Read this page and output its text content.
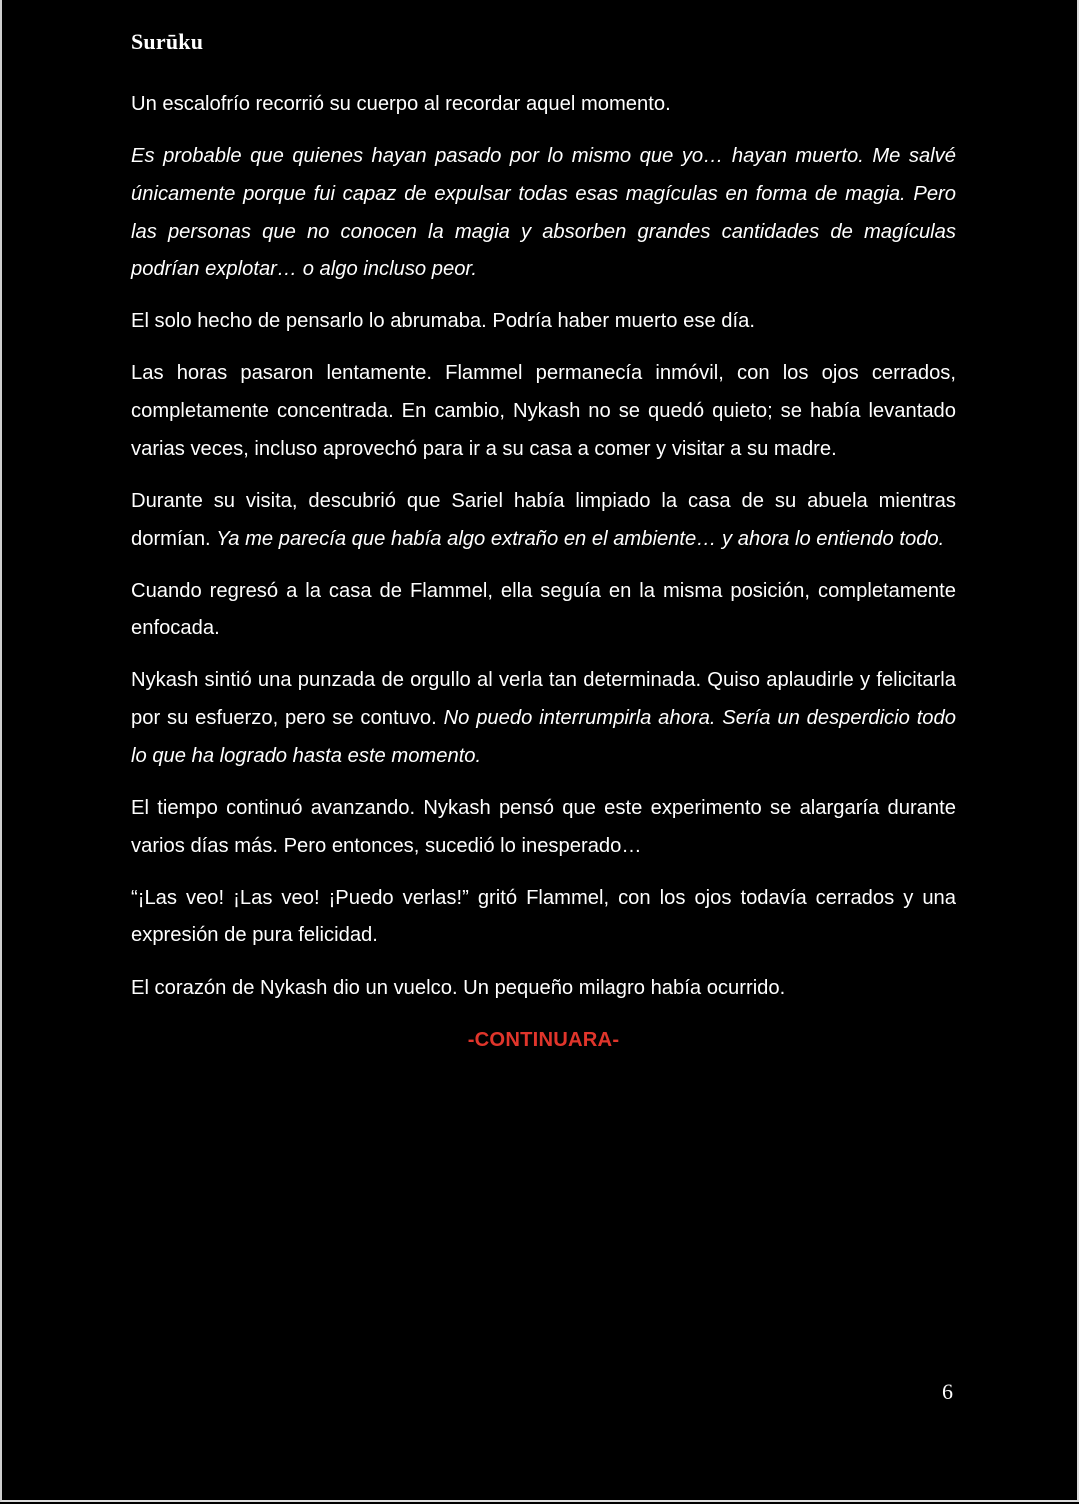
Surūku

Un escalofrío recorrió su cuerpo al recordar aquel momento.

Es probable que quienes hayan pasado por lo mismo que yo… hayan muerto. Me salvé únicamente porque fui capaz de expulsar todas esas magículas en forma de magia. Pero las personas que no conocen la magia y absorben grandes cantidades de magículas podrían explotar… o algo incluso peor.

El solo hecho de pensarlo lo abrumaba. Podría haber muerto ese día.

Las horas pasaron lentamente. Flammel permanecía inmóvil, con los ojos cerrados, completamente concentrada. En cambio, Nykash no se quedó quieto; se había levantado varias veces, incluso aprovechó para ir a su casa a comer y visitar a su madre.

Durante su visita, descubrió que Sariel había limpiado la casa de su abuela mientras dormían. Ya me parecía que había algo extraño en el ambiente… y ahora lo entiendo todo.

Cuando regresó a la casa de Flammel, ella seguía en la misma posición, completamente enfocada.

Nykash sintió una punzada de orgullo al verla tan determinada. Quiso aplaudirle y felicitarla por su esfuerzo, pero se contuvo. No puedo interrumpirla ahora. Sería un desperdicio todo lo que ha logrado hasta este momento.

El tiempo continuó avanzando. Nykash pensó que este experimento se alargaría durante varios días más. Pero entonces, sucedió lo inesperado…

“¡Las veo! ¡Las veo! ¡Puedo verlas!” gritó Flammel, con los ojos todavía cerrados y una expresión de pura felicidad.

El corazón de Nykash dio un vuelco. Un pequeño milagro había ocurrido.

-CONTINUARA-

6
